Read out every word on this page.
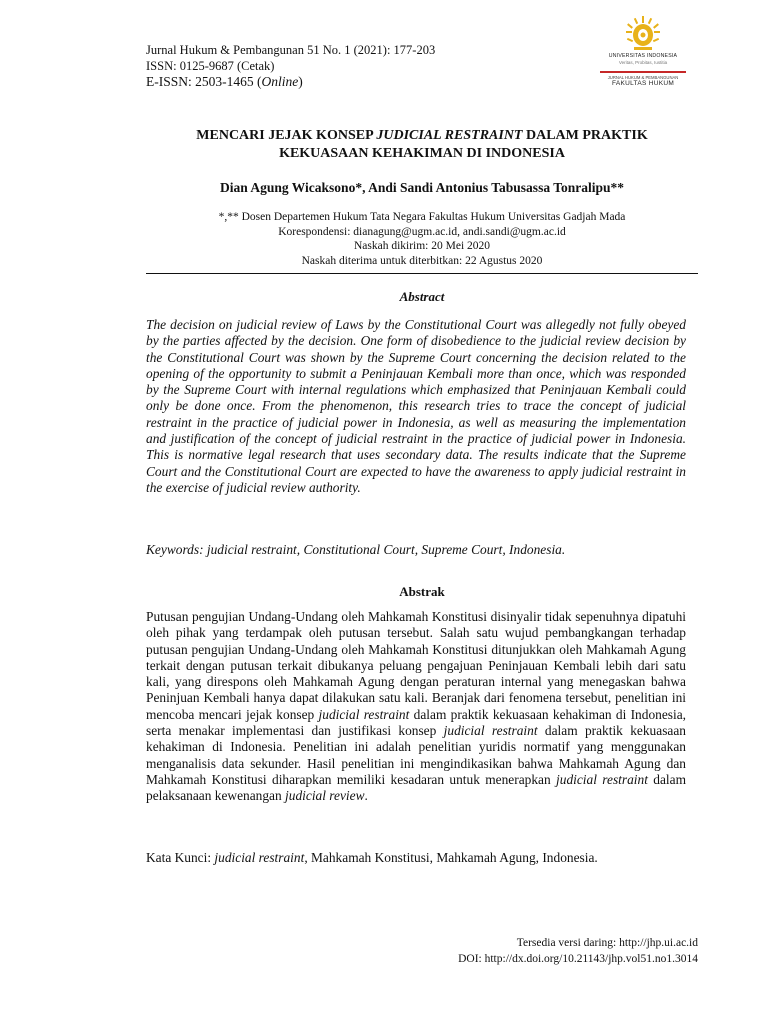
Jurnal Hukum & Pembangunan 51 No. 1 (2021): 177-203
ISSN: 0125-9687 (Cetak)
E-ISSN: 2503-1465 (Online)
UNIVERSITAS INDONESIA
Veritas, Probitas, Iustitia
JURNAL HUKUM & PEMBANGUNAN
FAKULTAS HUKUM
MENCARI JEJAK KONSEP JUDICIAL RESTRAINT DALAM PRAKTIK
KEKUASAAN KEHAKIMAN DI INDONESIA
Dian Agung Wicaksono*, Andi Sandi Antonius Tabusassa Tonralipu**
*,** Dosen Departemen Hukum Tata Negara Fakultas Hukum Universitas Gadjah Mada
Korespondensi: dianagung@ugm.ac.id, andi.sandi@ugm.ac.id
Naskah dikirim: 20 Mei 2020
Naskah diterima untuk diterbitkan: 22 Agustus 2020
Abstract
The decision on judicial review of Laws by the Constitutional Court was allegedly not fully obeyed by the parties affected by the decision. One form of disobedience to the judicial review decision by the Constitutional Court was shown by the Supreme Court concerning the decision related to the opening of the opportunity to submit a Peninjauan Kembali more than once, which was responded by the Supreme Court with internal regulations which emphasized that Peninjauan Kembali could only be done once. From the phenomenon, this research tries to trace the concept of judicial restraint in the practice of judicial power in Indonesia, as well as measuring the implementation and justification of the concept of judicial restraint in the practice of judicial power in Indonesia. This is normative legal research that uses secondary data. The results indicate that the Supreme Court and the Constitutional Court are expected to have the awareness to apply judicial restraint in the exercise of judicial review authority.
Keywords: judicial restraint, Constitutional Court, Supreme Court, Indonesia.
Abstrak
Putusan pengujian Undang-Undang oleh Mahkamah Konstitusi disinyalir tidak sepenuhnya dipatuhi oleh pihak yang terdampak oleh putusan tersebut. Salah satu wujud pembangkangan terhadap putusan pengujian Undang-Undang oleh Mahkamah Konstitusi ditunjukkan oleh Mahkamah Agung terkait dengan putusan terkait dibukanya peluang pengajuan Peninjauan Kembali lebih dari satu kali, yang direspons oleh Mahkamah Agung dengan peraturan internal yang menegaskan bahwa Peninjuan Kembali hanya dapat dilakukan satu kali. Beranjak dari fenomena tersebut, penelitian ini mencoba mencari jejak konsep judicial restraint dalam praktik kekuasaan kehakiman di Indonesia, serta menakar implementasi dan justifikasi konsep judicial restraint dalam praktik kekuasaan kehakiman di Indonesia. Penelitian ini adalah penelitian yuridis normatif yang menggunakan menganalisis data sekunder. Hasil penelitian ini mengindikasikan bahwa Mahkamah Agung dan Mahkamah Konstitusi diharapkan memiliki kesadaran untuk menerapkan judicial restraint dalam pelaksanaan kewenangan judicial review.
Kata Kunci: judicial restraint, Mahkamah Konstitusi, Mahkamah Agung, Indonesia.
Tersedia versi daring: http://jhp.ui.ac.id
DOI: http://dx.doi.org/10.21143/jhp.vol51.no1.3014
